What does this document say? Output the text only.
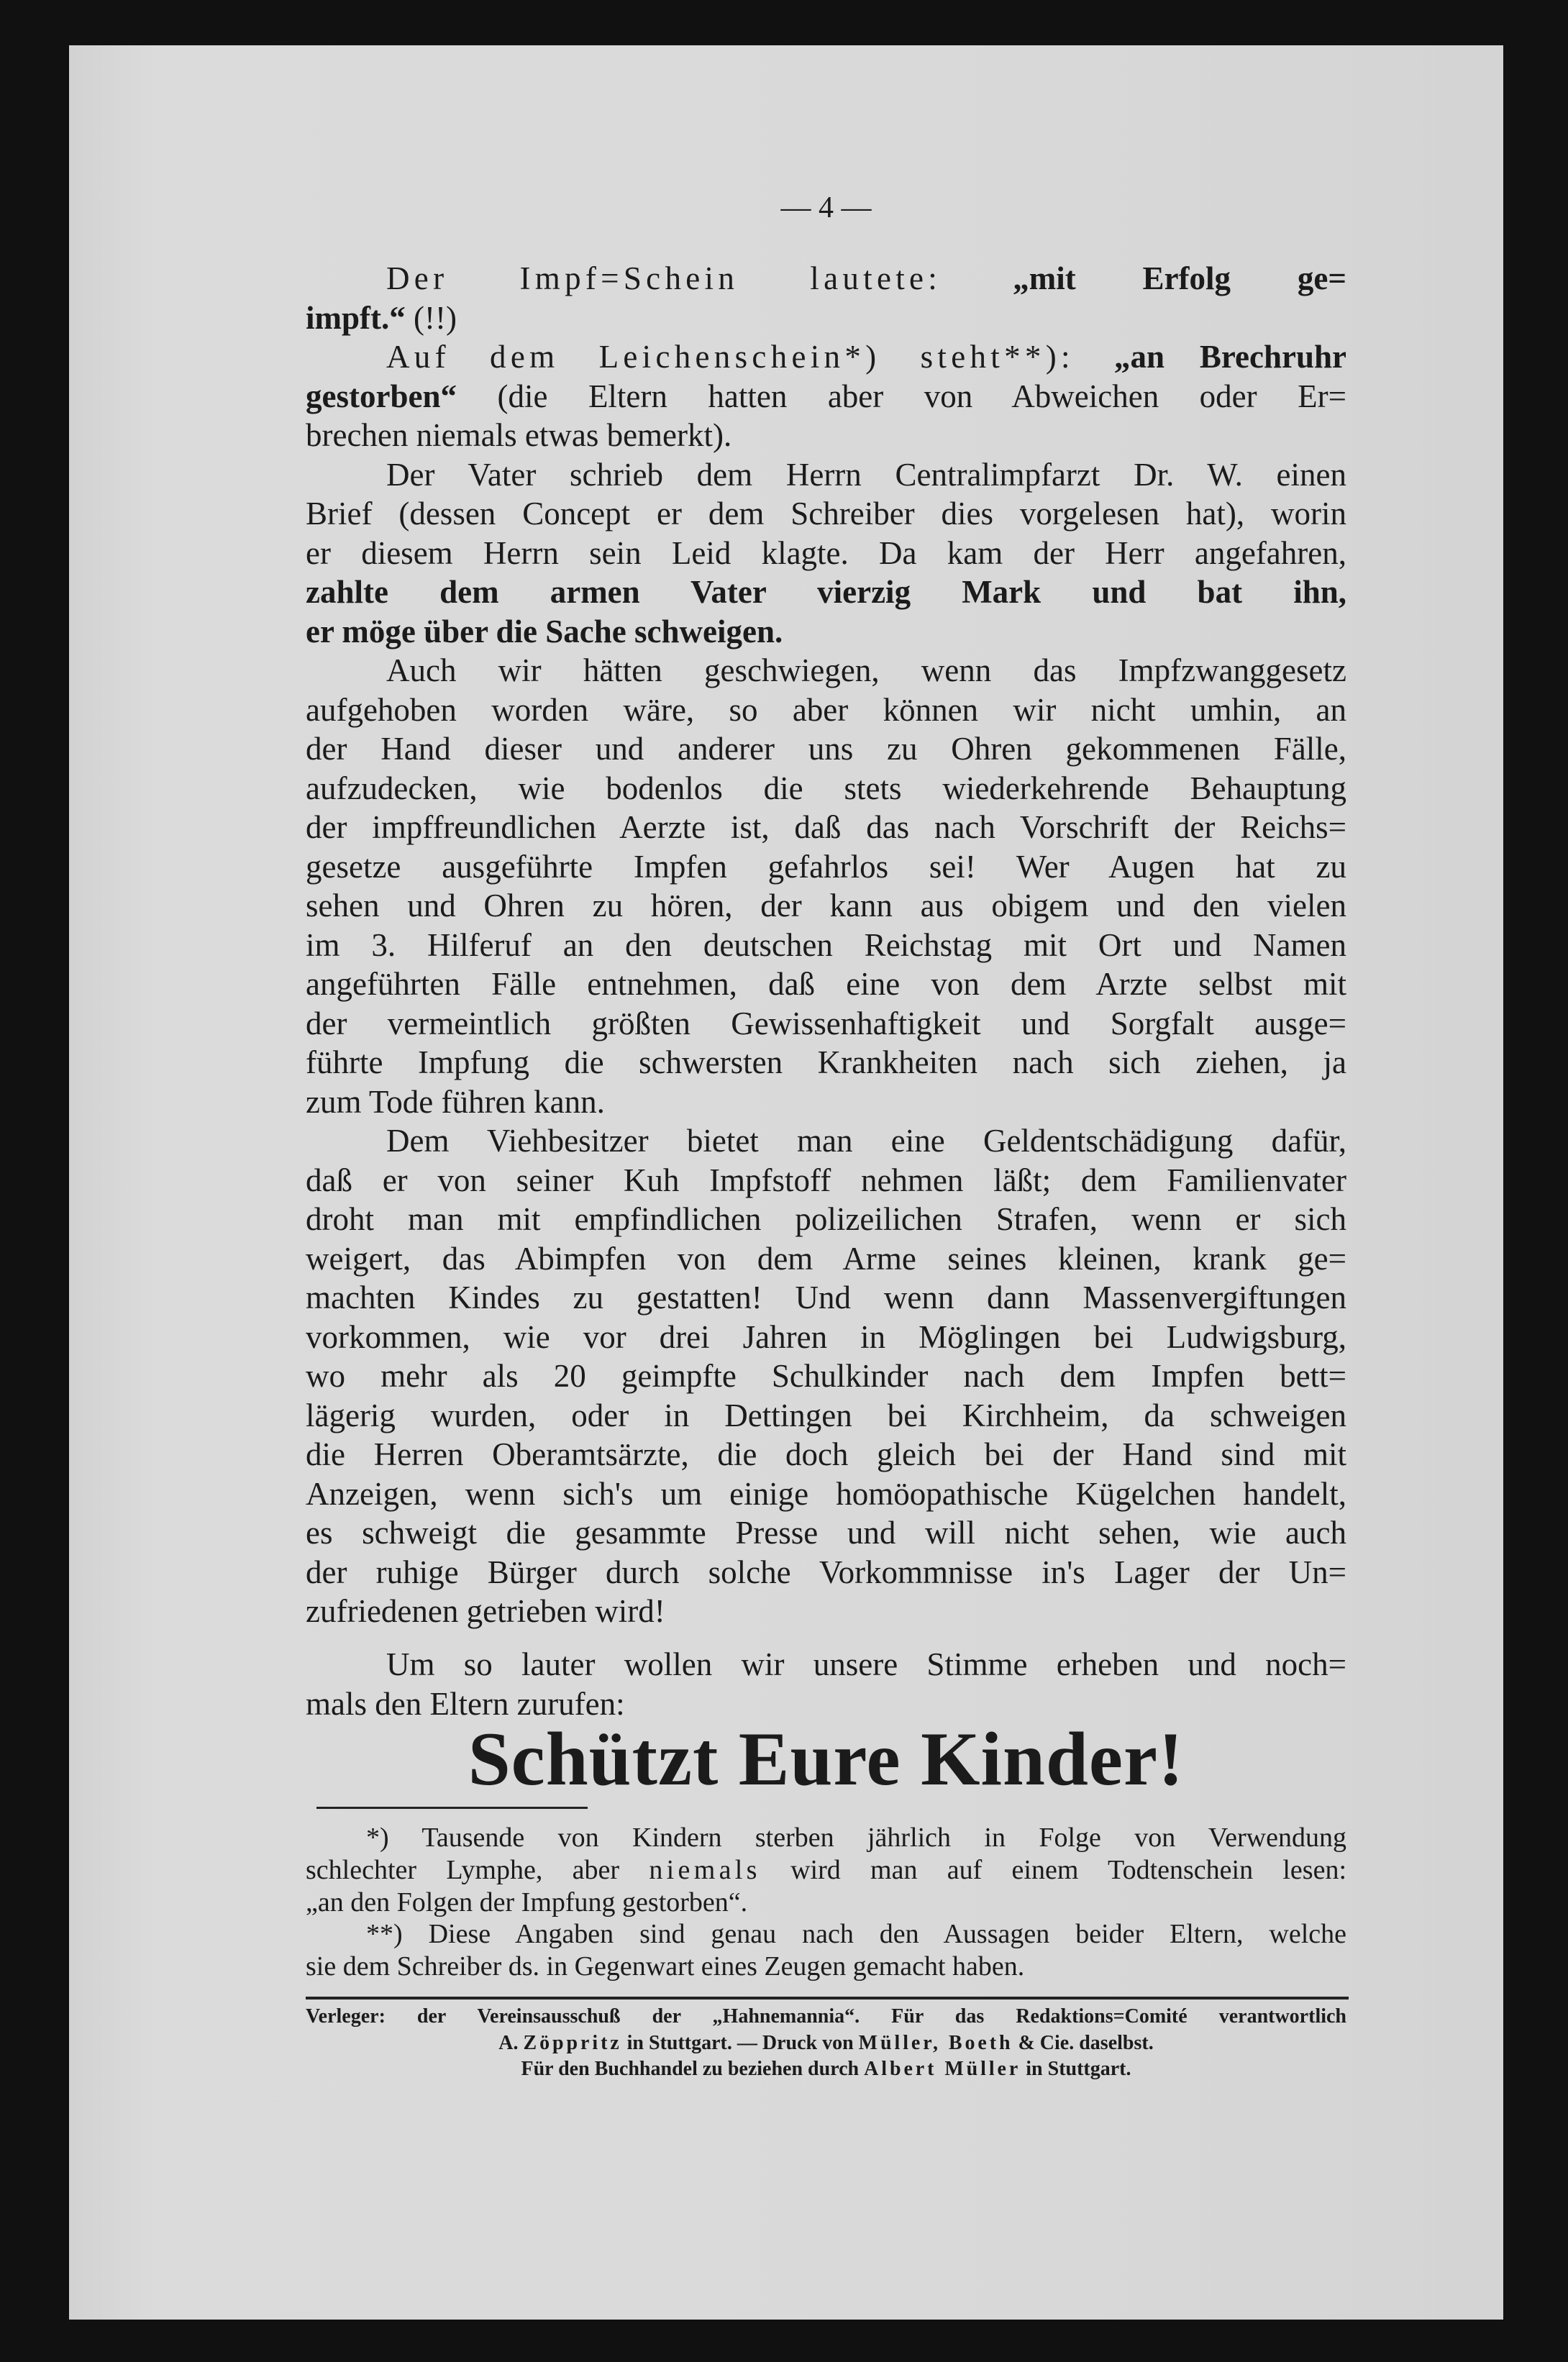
— 4 —
Der Impf=Schein lautete: „mit Erfolg ge=
impft.“ (!!)
Auf dem Leichenschein*) steht**): „an Brechruhr
gestorben“ (die Eltern hatten aber von Abweichen oder Er=
brechen niemals etwas bemerkt).
Der Vater schrieb dem Herrn Centralimpfarzt Dr. W. einen
Brief (dessen Concept er dem Schreiber dies vorgelesen hat), worin
er diesem Herrn sein Leid klagte. Da kam der Herr angefahren,
zahlte dem armen Vater vierzig Mark und bat ihn,
er möge über die Sache schweigen.
Auch wir hätten geschwiegen, wenn das Impfzwanggesetz
aufgehoben worden wäre, so aber können wir nicht umhin, an
der Hand dieser und anderer uns zu Ohren gekommenen Fälle,
aufzudecken, wie bodenlos die stets wiederkehrende Behauptung
der impffreundlichen Aerzte ist, daß das nach Vorschrift der Reichs=
gesetze ausgeführte Impfen gefahrlos sei! Wer Augen hat zu
sehen und Ohren zu hören, der kann aus obigem und den vielen
im 3. Hilferuf an den deutschen Reichstag mit Ort und Namen
angeführten Fälle entnehmen, daß eine von dem Arzte selbst mit
der vermeintlich größten Gewissenhaftigkeit und Sorgfalt ausge=
führte Impfung die schwersten Krankheiten nach sich ziehen, ja
zum Tode führen kann.
Dem Viehbesitzer bietet man eine Geldentschädigung dafür,
daß er von seiner Kuh Impfstoff nehmen läßt; dem Familienvater
droht man mit empfindlichen polizeilichen Strafen, wenn er sich
weigert, das Abimpfen von dem Arme seines kleinen, krank ge=
machten Kindes zu gestatten! Und wenn dann Massenvergiftungen
vorkommen, wie vor drei Jahren in Möglingen bei Ludwigsburg,
wo mehr als 20 geimpfte Schulkinder nach dem Impfen bett=
lägerig wurden, oder in Dettingen bei Kirchheim, da schweigen
die Herren Oberamtsärzte, die doch gleich bei der Hand sind mit
Anzeigen, wenn sich's um einige homöopathische Kügelchen handelt,
es schweigt die gesammte Presse und will nicht sehen, wie auch
der ruhige Bürger durch solche Vorkommnisse in's Lager der Un=
zufriedenen getrieben wird!
Um so lauter wollen wir unsere Stimme erheben und noch=
mals den Eltern zurufen:
Schützt Eure Kinder!
*) Tausende von Kindern sterben jährlich in Folge von Verwendung
schlechter Lymphe, aber niemals wird man auf einem Todtenschein lesen:
„an den Folgen der Impfung gestorben“.
**) Diese Angaben sind genau nach den Aussagen beider Eltern, welche
sie dem Schreiber ds. in Gegenwart eines Zeugen gemacht haben.
Verleger: der Vereinsausschuß der „Hahnemannia“. Für das Redaktions=Comité verantwortlich
A. Zöppritz in Stuttgart. — Druck von Müller, Boeth & Cie. daselbst.
Für den Buchhandel zu beziehen durch Albert Müller in Stuttgart.
